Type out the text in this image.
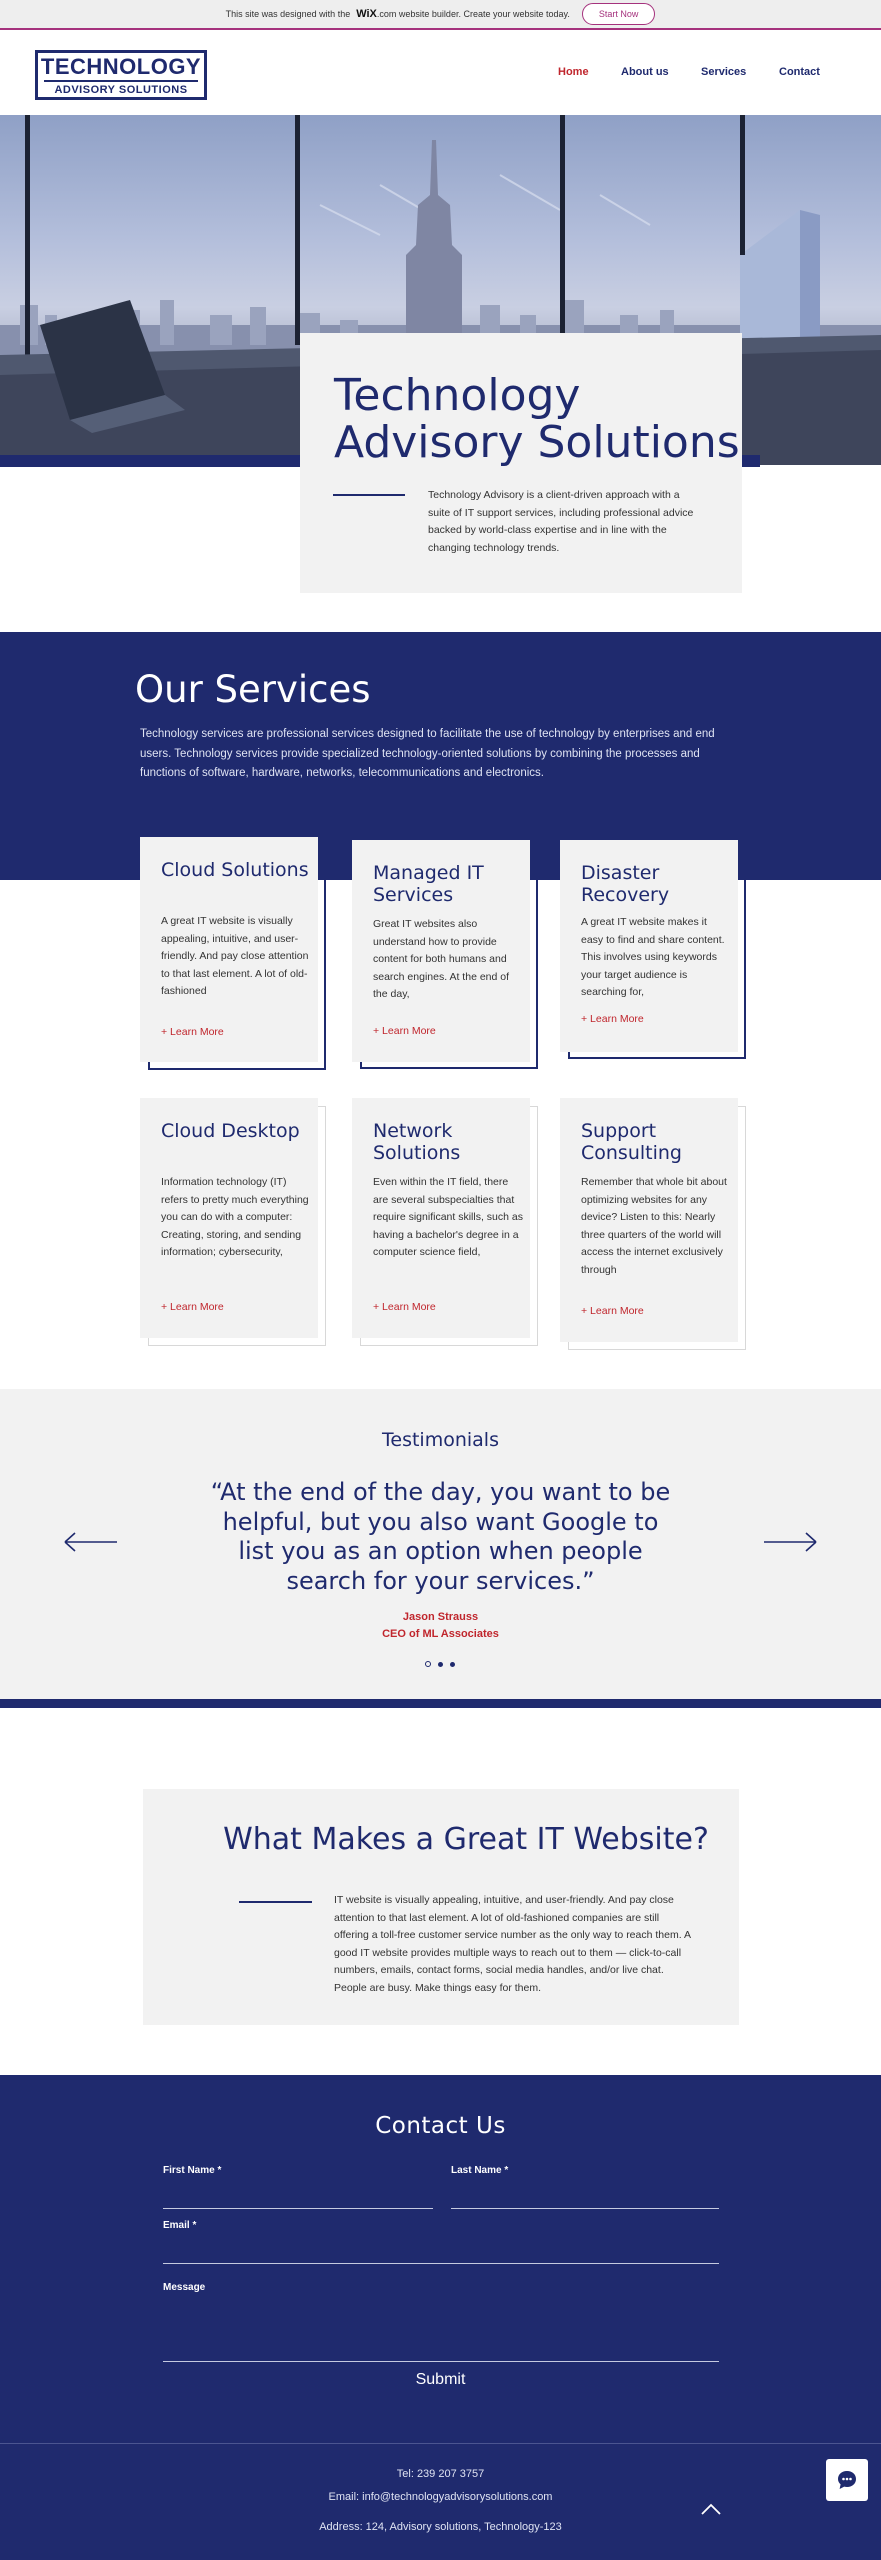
This site was designed with the WiX .com website builder. Create your website today.	Start Now
TECHNOLOGY
ADVISORY SOLUTIONS
Home	About us	Services	Contact
Technology
Advisory Solutions
Technology Advisory is a client-driven approach with a suite of IT support services, including professional advice backed by world-class expertise and in line with the changing technology trends.
Our Services
Technology services are professional services designed to facilitate the use of technology by enterprises and end users. Technology services provide specialized technology-oriented solutions by combining the processes and functions of software, hardware, networks, telecommunications and electronics.
Cloud Solutions

A great IT website is visually appealing, intuitive, and user-friendly. And pay close attention to that last element. A lot of old-fashioned

+ Learn More
Managed IT Services

Great IT websites also understand how to provide content for both humans and search engines. At the end of the day,

+ Learn More
Disaster Recovery

A great IT website makes it easy to find and share content. This involves using keywords your target audience is searching for,

+ Learn More
Cloud Desktop

Information technology (IT) refers to pretty much everything you can do with a computer: Creating, storing, and sending information; cybersecurity,

+ Learn More
Network Solutions

Even within the IT field, there are several subspecialties that require significant skills, such as having a bachelor's degree in a computer science field,

+ Learn More
Support Consulting

Remember that whole bit about optimizing websites for any device? Listen to this: Nearly three quarters of the world will access the internet exclusively through

+ Learn More
Testimonials
“At the end of the day, you want to be helpful, but you also want Google to list you as an option when people search for your services.”
Jason Strauss
CEO of ML Associates
What Makes a Great IT Website?
IT website is visually appealing, intuitive, and user-friendly. And pay close attention to that last element. A lot of old-fashioned companies are still offering a toll-free customer service number as the only way to reach them. A good IT website provides multiple ways to reach out to them — click-to-call numbers, emails, contact forms, social media handles, and/or live chat. People are busy. Make things easy for them.
Contact Us
First Name *	Last Name *
Email *
Message
Submit
Tel: 239 207 3757
Email: info@technologyadvisorysolutions.com
Address: 124, Advisory solutions, Technology-123
